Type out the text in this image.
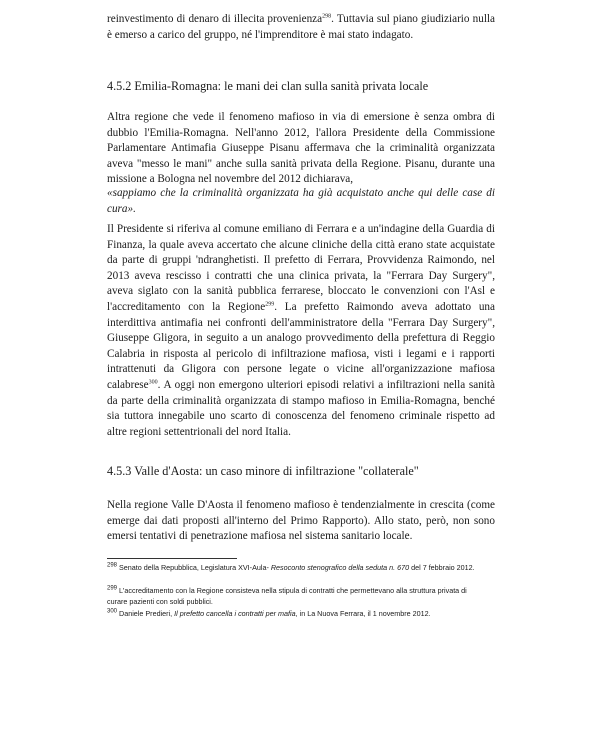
reinvestimento di denaro di illecita provenienza$^{298}$. Tuttavia sul piano giudiziario nulla è emerso a carico del gruppo, né l'imprenditore è mai stato indagato.

4.5.2 Emilia-Romagna: le mani dei clan sulla sanità privata locale

Altra regione che vede il fenomeno mafioso in via di emersione è senza ombra di dubbio l'Emilia-Romagna. Nell'anno 2012, l'allora Presidente della Commissione Parlamentare Antimafia Giuseppe Pisanu affermava che la criminalità organizzata aveva "messo le mani" anche sulla sanità privata della Regione. Pisanu, durante una missione a Bologna nel novembre del 2012 dichiarava,

«sappiamo che la criminalità organizzata ha già acquistato anche qui delle case di cura».

Il Presidente si riferiva al comune emiliano di Ferrara e a un'indagine della Guardia di Finanza, la quale aveva accertato che alcune cliniche della città erano state acquistate da parte di gruppi 'ndranghetisti. Il prefetto di Ferrara, Provvidenza Raimondo, nel 2013 aveva rescisso i contratti che una clinica privata, la "Ferrara Day Surgery", aveva siglato con la sanità pubblica ferrarese, bloccato le convenzioni con l'Asl e l'accreditamento con la Regione$^{299}$. La prefetto Raimondo aveva adottato una interdittiva antimafia nei confronti dell'amministratore della "Ferrara Day Surgery", Giuseppe Gligora, in seguito a un analogo provvedimento della prefettura di Reggio Calabria in risposta al pericolo di infiltrazione mafiosa, visti i legami e i rapporti intrattenuti da Gligora con persone legate o vicine all'organizzazione mafiosa calabrese$^{300}$. A oggi non emergono ulteriori episodi relativi a infiltrazioni nella sanità da parte della criminalità organizzata di stampo mafioso in Emilia-Romagna, benché sia tuttora innegabile uno scarto di conoscenza del fenomeno criminale rispetto ad altre regioni settentrionali del nord Italia.

4.5.3 Valle d'Aosta: un caso minore di infiltrazione "collaterale"

Nella regione Valle D'Aosta il fenomeno mafioso è tendenzialmente in crescita (come emerge dai dati proposti all'interno del Primo Rapporto). Allo stato, però, non sono emersi tentativi di penetrazione mafiosa nel sistema sanitario locale.

$^{298}$ Senato della Repubblica, Legislatura XVI-Aula- Resoconto stenografico della seduta n. 670 del 7 febbraio 2012.

$^{299}$ L'accreditamento con la Regione consisteva nella stipula di contratti che permettevano alla struttura privata di curare pazienti con soldi pubblici.

$^{300}$ Daniele Predieri, Il prefetto cancella i contratti per mafia, in La Nuova Ferrara, il 1 novembre 2012.
